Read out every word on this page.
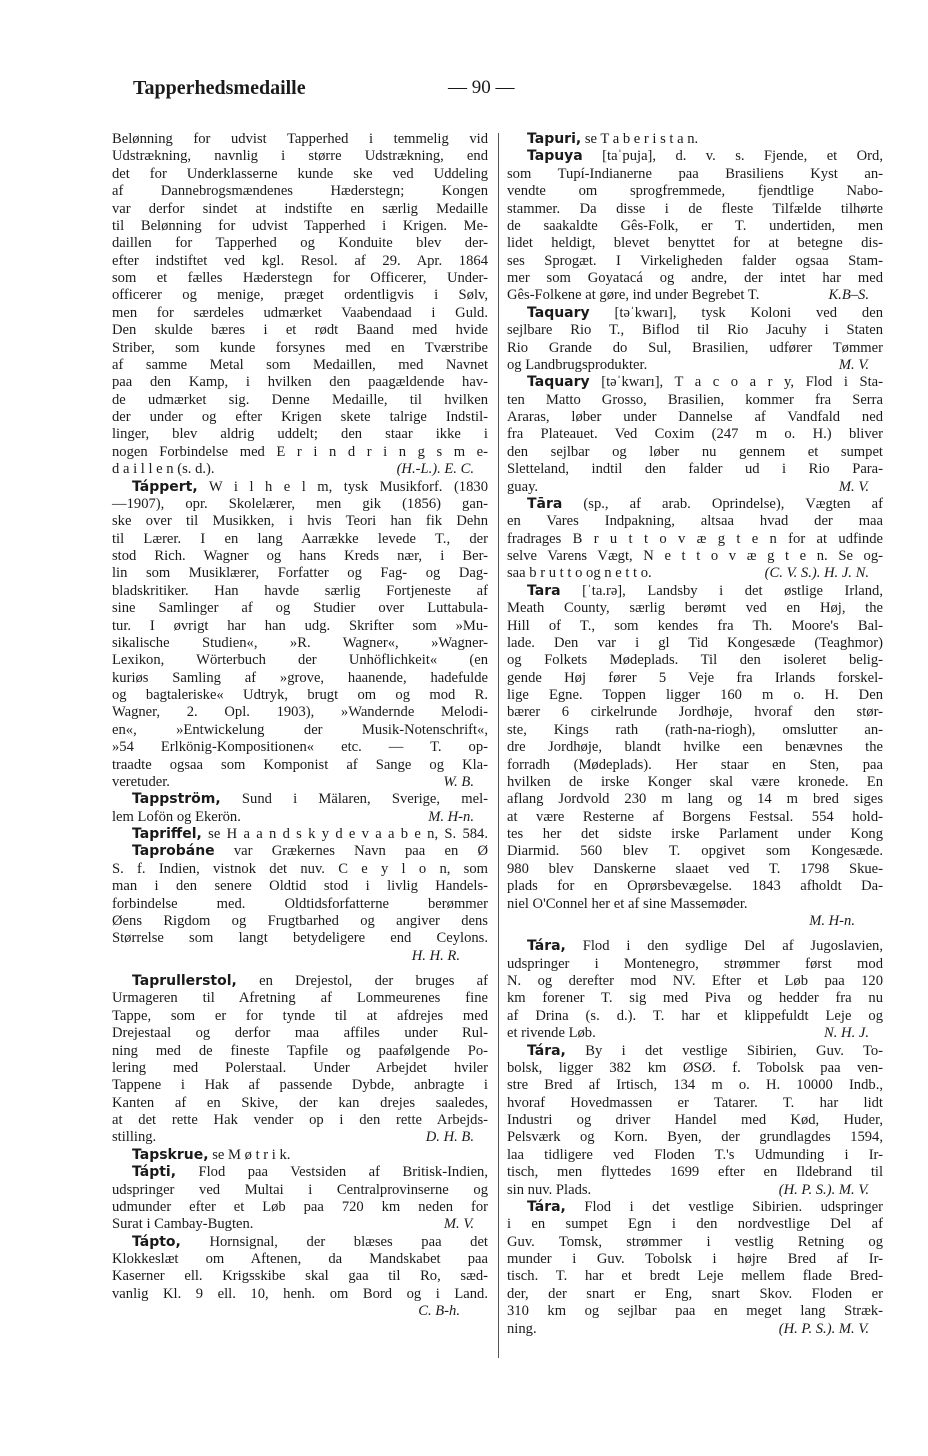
Tapperhedsmedaille	— 90 —
Belønning for udvist Tapperhed i temmelig vid
Udstrækning, navnlig i større Udstrækning, end
det for Underklasserne kunde ske ved Uddeling
af Dannebrogsmændenes Hæderstegn; Kongen
var derfor sindet at indstifte en særlig Medaille
til Belønning for udvist Tapperhed i Krigen. Me-
daillen for Tapperhed og Konduite blev der-
efter indstiftet ved kgl. Resol. af 29. Apr. 1864
som et fælles Hæderstegn for Officerer, Under-
officerer og menige, præget ordentligvis i Sølv,
men for særdeles udmærket Vaabendaad i Guld.
Den skulde bæres i et rødt Baand med hvide
Striber, som kunde forsynes med en Tværstribe
af samme Metal som Medaillen, med Navnet
paa den Kamp, i hvilken den paagældende hav-
de udmærket sig. Denne Medaille, til hvilken
der under og efter Krigen skete talrige Indstil-
linger, blev aldrig uddelt; den staar ikke i
nogen Forbindelse med E r i n d r i n g s m e-
d a i l l e n (s. d.).	(H.-L.). E. C.
Táppert, W i l h e l m, tysk Musikforf. (1830
—1907), opr. Skolelærer, men gik (1856) gan-
ske over til Musikken, i hvis Teori han fik Dehn
til Lærer. I en lang Aarrække levede T., der
stod Rich. Wagner og hans Kreds nær, i Ber-
lin som Musiklærer, Forfatter og Fag- og Dag-
bladskritiker. Han havde særlig Fortjeneste af
sine Samlinger af og Studier over Luttabula-
tur. I øvrigt har han udg. Skrifter som »Mu-
sikalische Studien«, »R. Wagner«, »Wagner-
Lexikon, Wörterbuch der Unhöflichkeit« (en
kuriøs Samling af »grove, haanende, hadefulde
og bagtaleriske« Udtryk, brugt om og mod R.
Wagner, 2. Opl. 1903), »Wandernde Melodi-
en«, »Entwickelung der Musik-Notenschrift«,
»54 Erlkönig-Kompositionen« etc. — T. op-
traadte ogsaa som Komponist af Sange og Kla-
veretuder.	W. B.
Tappström, Sund i Mälaren, Sverige, mel-
lem Lofön og Ekerön.	M. H-n.
Tapriffel, se H a a n d s k y d e v a a b e n, S. 584.
Taprobáne var Grækernes Navn paa en Ø
S. f. Indien, vistnok det nuv. C e y l o n, som
man i den senere Oldtid stod i livlig Handels-
forbindelse med. Oldtidsforfatterne berømmer
Øens Rigdom og Frugtbarhed og angiver dens
Størrelse som langt betydeligere end Ceylons.
H. H. R.
Taprullerstol, en Drejestol, der bruges af
Urmageren til Afretning af Lommeurenes fine
Tappe, som er for tynde til at afdrejes med
Drejestaal og derfor maa affiles under Rul-
ning med de fineste Tapfile og paafølgende Po-
lering med Polerstaal. Under Arbejdet hviler
Tappene i Hak af passende Dybde, anbragte i
Kanten af en Skive, der kan drejes saaledes,
at det rette Hak vender op i den rette Arbejds-
stilling.	D. H. B.
Tapskrue, se M ø t r i k.
Tápti, Flod paa Vestsiden af Britisk-Indien,
udspringer ved Multai i Centralprovinserne og
udmunder efter et Løb paa 720 km neden for
Surat i Cambay-Bugten.	M. V.
Tápto, Hornsignal, der blæses paa det
Klokkeslæt om Aftenen, da Mandskabet paa
Kaserner ell. Krigsskibe skal gaa til Ro, sæd-
vanlig Kl. 9 ell. 10, henh. om Bord og i Land.
C. B-h.
Tapuri, se T a b e r i s t a n.
Tapuya [taˈpuja], d. v. s. Fjende, et Ord,
som Tupí-Indianerne paa Brasiliens Kyst an-
vendte om sprogfremmede, fjendtlige Nabo-
stammer. Da disse i de fleste Tilfælde tilhørte
de saakaldte Gês-Folk, er T. undertiden, men
lidet heldigt, blevet benyttet for at betegne dis-
ses Sprogæt. I Virkeligheden falder ogsaa Stam-
mer som Goyatacá og andre, der intet har med
Gês-Folkene at gøre, ind under Begrebet T.	K.B–S.
Taquary [təˈkwarı], tysk Koloni ved den
sejlbare Rio T., Biflod til Rio Jacuhy i Staten
Rio Grande do Sul, Brasilien, udfører Tømmer
og Landbrugsprodukter.	M. V.
Taquary [təˈkwarı], T a c o a r y, Flod i Sta-
ten Matto Grosso, Brasilien, kommer fra Serra
Araras, løber under Dannelse af Vandfald ned
fra Plateauet. Ved Coxim (247 m o. H.) bliver
den sejlbar og løber nu gennem et sumpet
Sletteland, indtil den falder ud i Rio Para-
guay.	M. V.
Tāra (sp., af arab. Oprindelse), Vægten af
en Vares Indpakning, altsaa hvad der maa
fradrages B r u t t o v æ g t e n for at udfinde
selve Varens Vægt, N e t t o v æ g t e n. Se og-
saa b r u t t o og n e t t o.	(C. V. S.). H. J. N.
Tara [ˈta.rə], Landsby i det østlige Irland,
Meath County, særlig berømt ved en Høj, the
Hill of T., som kendes fra Th. Moore's Bal-
lade. Den var i gl Tid Kongesæde (Teaghmor)
og Folkets Mødeplads. Til den isoleret belig-
gende Høj fører 5 Veje fra Irlands forskel-
lige Egne. Toppen ligger 160 m o. H. Den
bærer 6 cirkelrunde Jordhøje, hvoraf den stør-
ste, Kings rath (rath-na-riogh), omslutter an-
dre Jordhøje, blandt hvilke een benævnes the
forradh (Mødeplads). Her staar en Sten, paa
hvilken de irske Konger skal være kronede. En
aflang Jordvold 230 m lang og 14 m bred siges
at være Resterne af Borgens Festsal. 554 hold-
tes her det sidste irske Parlament under Kong
Diarmid. 560 blev T. opgivet som Kongesæde.
980 blev Danskerne slaaet ved T. 1798 Skue-
plads for en Oprørsbevægelse. 1843 afholdt Da-
niel O'Connel her et af sine Massemøder.
M. H-n.
Tára, Flod i den sydlige Del af Jugoslavien,
udspringer i Montenegro, strømmer først mod
N. og derefter mod NV. Efter et Løb paa 120
km forener T. sig med Piva og hedder fra nu
af Drina (s. d.). T. har et klippefuldt Leje og
et rivende Løb.	N. H. J.
Tára, By i det vestlige Sibirien, Guv. To-
bolsk, ligger 382 km ØSØ. f. Tobolsk paa ven-
stre Bred af Irtisch, 134 m o. H. 10000 Indb.,
hvoraf Hovedmassen er Tatarer. T. har lidt
Industri og driver Handel med Kød, Huder,
Pelsværk og Korn. Byen, der grundlagdes 1594,
laa tidligere ved Floden T.'s Udmunding i Ir-
tisch, men flyttedes 1699 efter en Ildebrand til
sin nuv. Plads.	(H. P. S.). M. V.
Tára, Flod i det vestlige Sibirien. udspringer
i en sumpet Egn i den nordvestlige Del af
Guv. Tomsk, strømmer i vestlig Retning og
munder i Guv. Tobolsk i højre Bred af Ir-
tisch. T. har et bredt Leje mellem flade Bred-
der, der snart er Eng, snart Skov. Floden er
310 km og sejlbar paa en meget lang Stræk-
ning.	(H. P. S.). M. V.
